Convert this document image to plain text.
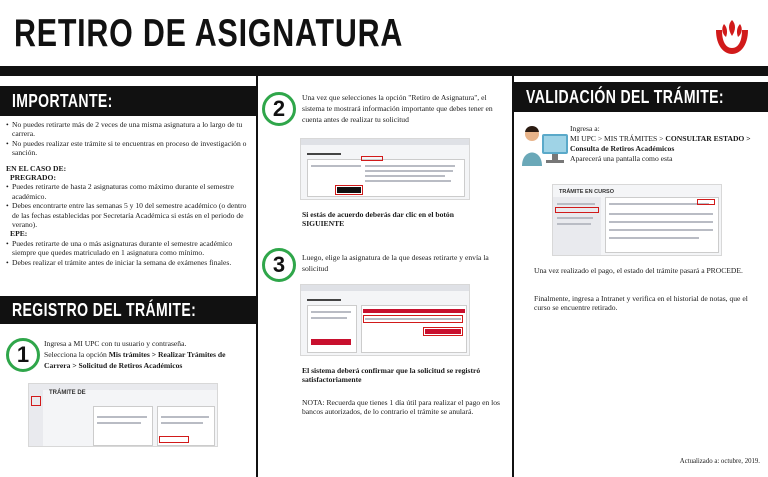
RETIRO DE ASIGNATURA
IMPORTANTE:
• No puedes retirarte más de 2 veces de una misma asignatura a lo largo de tu carrera.
• No puedes realizar este trámite si te encuentras en proceso de investigación o sanción.
EN EL CASO DE:
PREGRADO:
• Puedes retirarte de hasta 2 asignaturas como máximo durante el semestre académico.
• Debes encontrarte entre las semanas 5 y 10 del semestre académico (o dentro de las fechas establecidas por Secretaría Académica si estás en el periodo de verano).
EPE:
• Puedes retirarte de una o más asignaturas durante el semestre académico siempre que quedes matriculado en 1 asignatura como mínimo.
• Debes realizar el trámite antes de iniciar la semana de exámenes finales.
REGISTRO DEL TRÁMITE:
1 Ingresa a MI UPC con tu usuario y contraseña.
Selecciona la opción Mis trámites > Realizar Trámites de Carrera > Solicitud de Retiros Académicos
TRÁMITE DE
2 Una vez que selecciones la opción "Retiro de Asignatura", el sistema te mostrará información importante que debes tener en cuenta antes de realizar tu solicitud
Si estás de acuerdo deberás dar clic en el botón SIGUIENTE
3 Luego, elige la asignatura de la que deseas retirarte y envía la solicitud
El sistema deberá confirmar que la solicitud se registró satisfactoriamente
NOTA: Recuerda que tienes 1 día útil para realizar el pago en los bancos autorizados, de lo contrario el trámite se anulará.
VALIDACIÓN DEL TRÁMITE:
Ingresa a:
MI UPC > MIS TRÁMITES > CONSULTAR ESTADO > Consulta de Retiros Académicos
Aparecerá una pantalla como esta
TRÁMITE EN CURSO
Una vez realizado el pago, el estado del trámite pasará a PROCEDE.
Finalmente, ingresa a Intranet y verifica en el historial de notas, que el curso se encuentre retirado.
Actualizado a: octubre, 2019.
